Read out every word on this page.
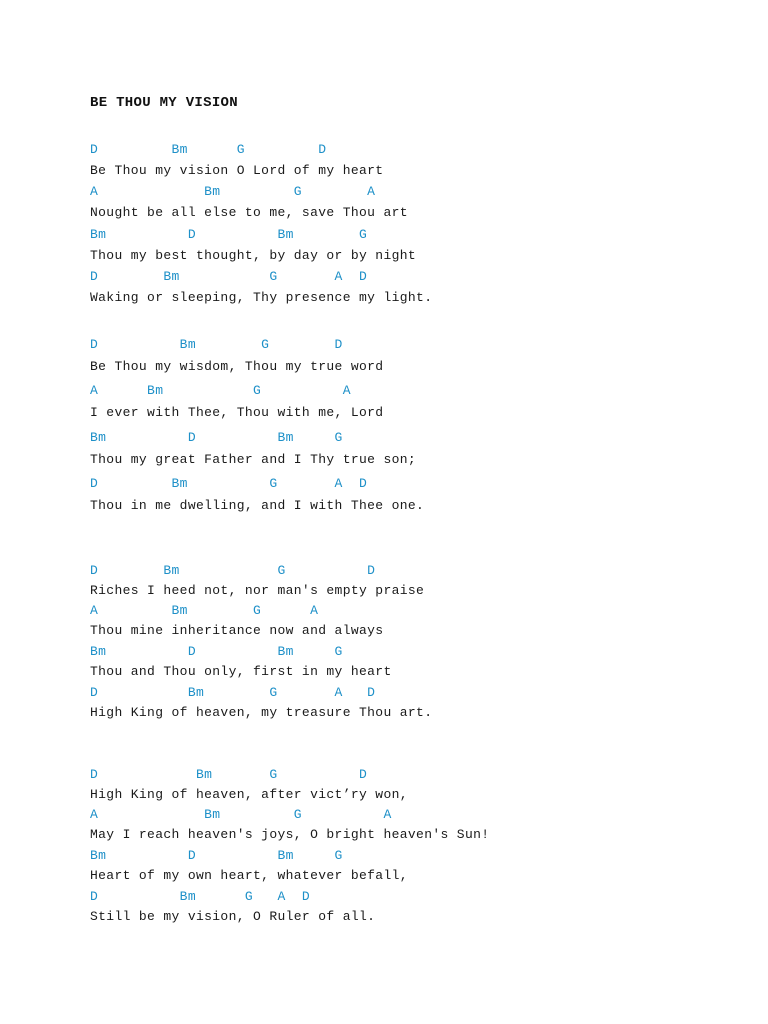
BE THOU MY VISION

D         Bm      G         D

Be Thou my vision O Lord of my heart

A             Bm         G        A

Nought be all else to me, save Thou art

Bm          D          Bm        G

Thou my best thought, by day or by night

D        Bm           G       A  D

Waking or sleeping, Thy presence my light.

D          Bm        G        D

Be Thou my wisdom, Thou my true word

A      Bm           G          A

I ever with Thee, Thou with me, Lord

Bm          D          Bm     G

Thou my great Father and I Thy true son;

D         Bm          G       A  D

Thou in me dwelling, and I with Thee one.

D        Bm            G          D

Riches I heed not, nor man's empty praise

A         Bm        G      A

Thou mine inheritance now and always

Bm          D          Bm     G

Thou and Thou only, first in my heart

D           Bm        G       A   D

High King of heaven, my treasure Thou art.

D            Bm       G          D

High King of heaven, after vict’ry won,

A             Bm         G          A

May I reach heaven's joys, O bright heaven's Sun!

Bm          D          Bm     G

Heart of my own heart, whatever befall,

D          Bm      G   A  D

Still be my vision, O Ruler of all.
